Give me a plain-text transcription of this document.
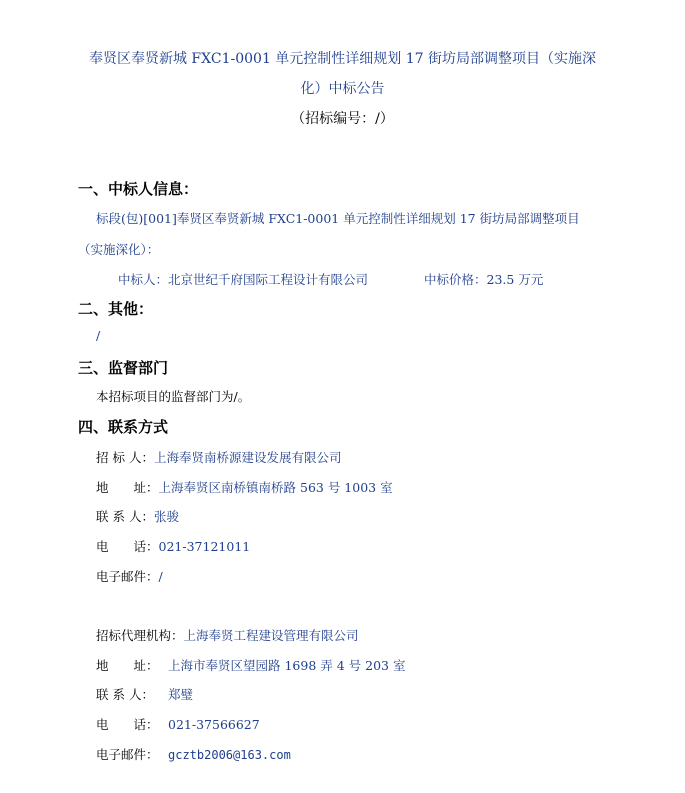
奉贤区奉贤新城 FXC1-0001 单元控制性详细规划 17 街坊局部调整项目（实施深
化）中标公告
（招标编号：/）
一、中标人信息：
标段(包)[001]奉贤区奉贤新城 FXC1-0001 单元控制性详细规划 17 街坊局部调整项目
（实施深化）：
中标人：北京世纪千府国际工程设计有限公司	中标价格：23.5 万元
二、其他：
/
三、监督部门
本招标项目的监督部门为/。
四、联系方式
招 标 人：上海奉贤南桥源建设发展有限公司
地　　址：上海奉贤区南桥镇南桥路 563 号 1003 室
联 系 人：张骏
电　　话：021-37121011
电子邮件：/
招标代理机构：上海奉贤工程建设管理有限公司
地　　址： 上海市奉贤区望园路 1698 弄 4 号 203 室
联 系 人： 郑璧
电　　话： 021-37566627
电子邮件： gcztb2006@163.com
